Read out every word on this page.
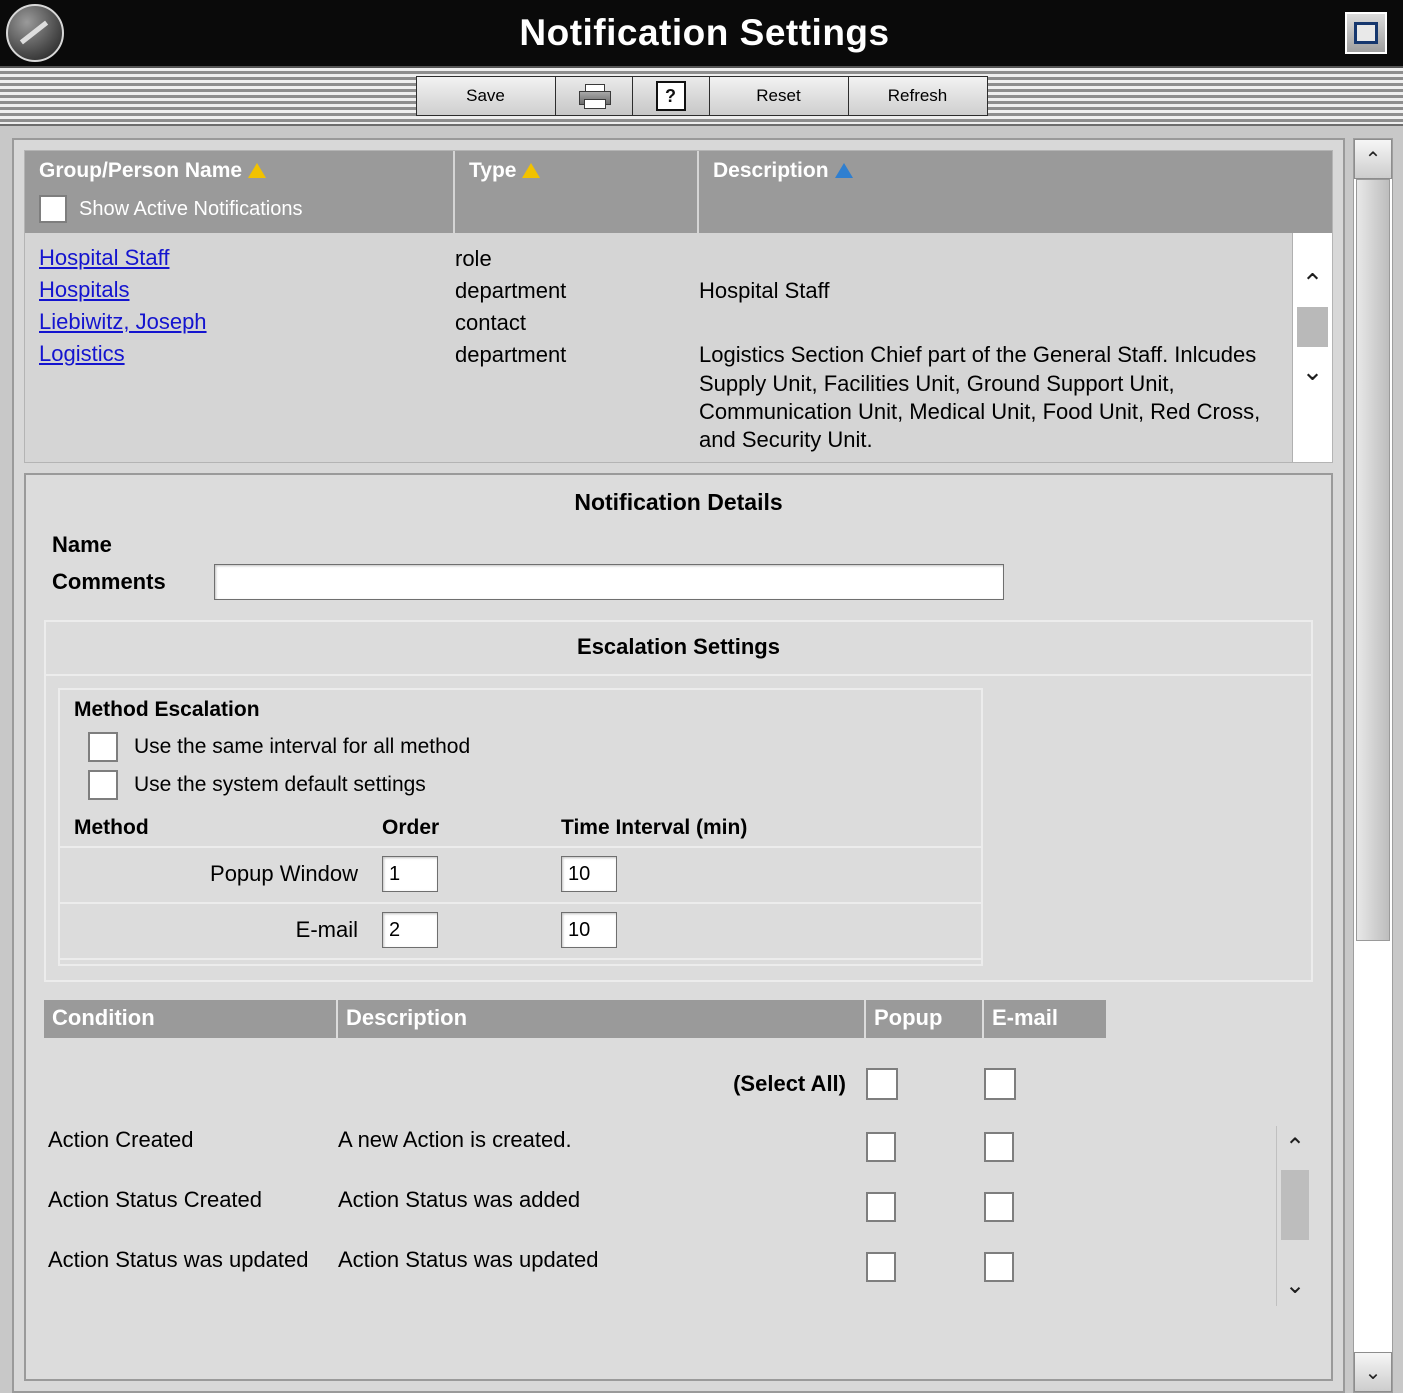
Notification Settings
Save	?	Reset	Refresh
Group/Person Name
Show Active Notifications
Type	Description
Hospital Staff	role
Hospitals	department	Hospital Staff
Liebiwitz, Joseph	contact
Logistics	department	Logistics Section Chief part of the General Staff. Inlcudes Supply Unit, Facilities Unit, Ground Support Unit, Communication Unit, Medical Unit, Food Unit, Red Cross, and Security Unit.
⌃
⌄
Notification Details
Name
Comments
Escalation Settings
Method Escalation
Use the same interval for all method
Use the system default settings
Method	Order	Time Interval (min)
Popup Window	1	10
E-mail	2	10
Condition	Description	Popup	E-mail
(Select All)
Action Created	A new Action is created.
Action Status Created	Action Status was added
Action Status was updated	Action Status was updated
⌃
⌄
⌃
⌄
